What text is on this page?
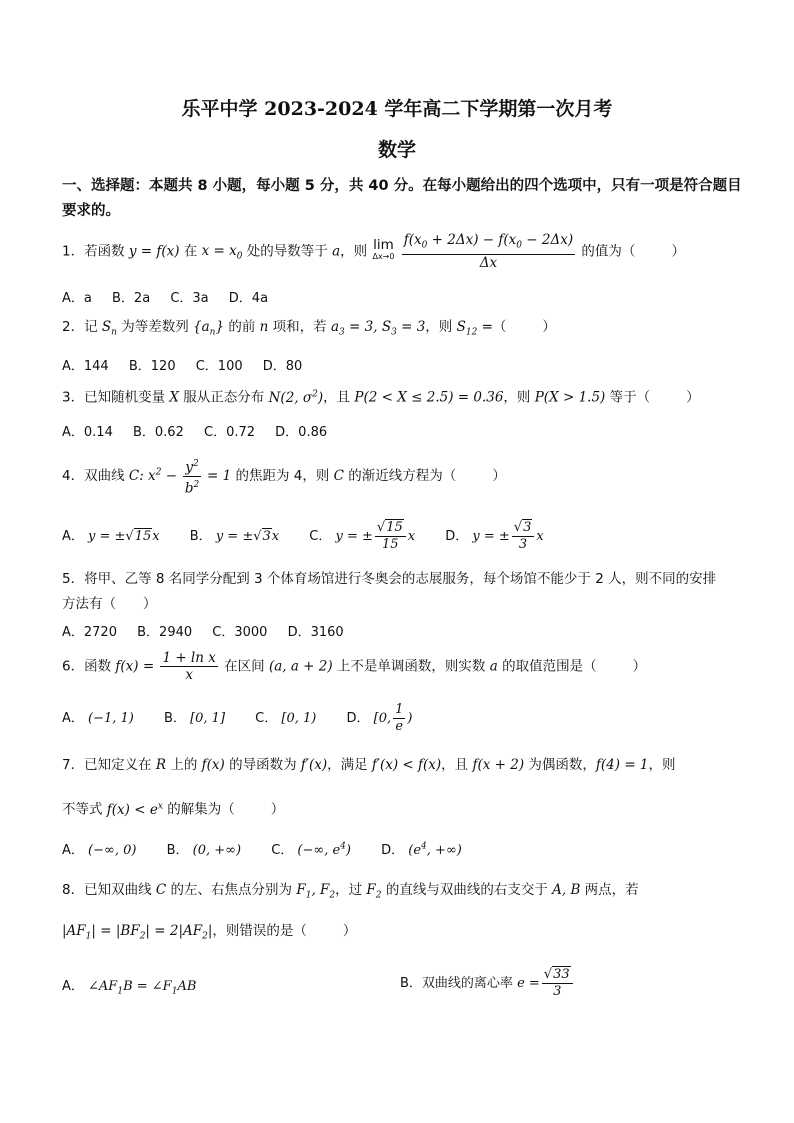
乐平中学 2023-2024 学年高二下学期第一次月考
数学
一、选择题：本题共 8 小题，每小题 5 分，共 40 分。在每小题给出的四个选项中，只有一项是符合题目要求的。
1．若函数 y = f(x) 在 $x = x_0$ 处的导数等于 a，则 lim
Δx→0
$\frac{f(x_0 + 2\Delta x) - f(x_0 - 2\Delta x)}{\Delta x}$ 的值为（	）
A．a B．2a C．3a D．4a
2．记 $S_n$ 为等差数列 $\{a_n\}$ 的前 n 项和，若 $a_3 = 3$, $S_3 = 3$，则 $S_{12}$ =（	）
A．144 B．120 C．100 D．80
3．已知随机变量 X 服从正态分布 N(2, $\sigma^2$)，且 P(2 < X ≤ 2.5) = 0.36，则 P(X > 1.5) 等于（	）
A．0.14 B．0.62 C．0.72 D．0.86
4．双曲线 C: $x^2 - \frac{y^2}{b^2} = 1$ 的焦距为 4，则 C 的渐近线方程为（	）
A． y = ±√15x B． y = ±√3x C． y = ± $\frac{√15}{15}$ x D． y = ± $\frac{√3}{3}$ x
5．将甲、乙等 8 名同学分配到 3 个体育场馆进行冬奥会的志展服务，每个场馆不能少于 2 人，则不同的安排
方法有（　　）
A．2720 B．2940 C．3000 D．3160
6．函数 $f(x) = \frac{\text{1 + ln x}}{x}$ 在区间 (a, a + 2) 上不是单调函数，则实数 a 的取值范围是（	）
A． (−1, 1) B． [0, 1] C． [0, 1) D． [0, $\frac{1}{e}$ )
7．已知定义在 R 上的 f(x) 的导函数为 f′(x)，满足 f′(x) < f(x)，且 f(x + 2) 为偶函数，f(4) = 1，则
不等式 $f(x) < e^x$ 的解集为（	）
A． (−∞, 0) B． (0, +∞) C． (−∞, $e^4$) D． ($e^4$, +∞)
8．已知双曲线 C 的左、右焦点分别为 $F_1$, $F_2$，过 $F_2$ 的直线与双曲线的右支交于 A, B 两点，若
$|AF_1| = |BF_2| = 2|AF_2|$，则错误的是（	）
A． $\angle AF_1B$ = $\angle F_1AB$	B．双曲线的离心率 $e = \frac{√33}{3}$
